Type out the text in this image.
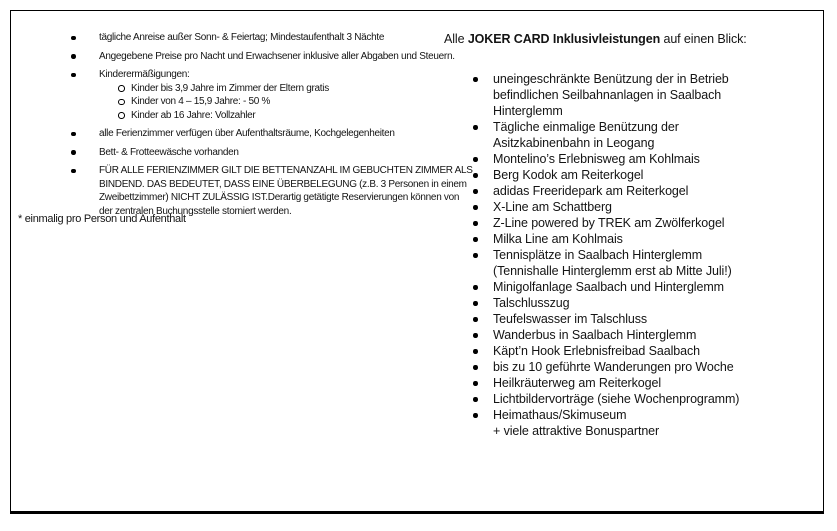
tägliche Anreise außer Sonn- & Feiertag; Mindestaufenthalt 3 Nächte
Angegebene Preise pro Nacht und Erwachsener inklusive aller Abgaben und Steuern.
Kinderermäßigungen:
Kinder bis 3,9 Jahre im Zimmer der Eltern gratis
Kinder von 4 – 15,9 Jahre: - 50 %
Kinder ab 16 Jahre: Vollzahler
alle Ferienzimmer verfügen über Aufenthaltsräume, Kochgelegenheiten
Bett- & Frotteewäsche vorhanden
FÜR ALLE FERIENZIMMER GILT DIE BETTENANZAHL IM GEBUCHTEN ZIMMER ALS
BINDEND. DAS BEDEUTET, DASS EINE ÜBERBELEGUNG (z.B. 3 Personen in einem
Zweibettzimmer) NICHT ZULÄSSIG IST.Derartig getätigte Reservierungen können von
der zentralen Buchungsstelle storniert werden.
* einmalig pro Person und Aufenthalt
Alle JOKER CARD Inklusivleistungen auf einen Blick:
uneingeschränkte Benützung der in Betrieb
befindlichen Seilbahnanlagen in Saalbach
Hinterglemm
Tägliche einmalige Benützung der
Asitzkabinenbahn in Leogang
Montelino’s Erlebnisweg am Kohlmais
Berg Kodok am Reiterkogel
adidas Freeridepark am Reiterkogel
X-Line am Schattberg
Z-Line powered by TREK am Zwölferkogel
Milka Line am Kohlmais
Tennisplätze in Saalbach Hinterglemm
(Tennishalle Hinterglemm erst ab Mitte Juli!)
Minigolfanlage Saalbach und Hinterglemm
Talschlusszug
Teufelswasser im Talschluss
Wanderbus in Saalbach Hinterglemm
Käpt’n Hook Erlebnisfreibad Saalbach
bis zu 10 geführte Wanderungen pro Woche
Heilkräuterweg am Reiterkogel
Lichtbildervorträge (siehe Wochenprogramm)
Heimathaus/Skimuseum
+ viele attraktive Bonuspartner
